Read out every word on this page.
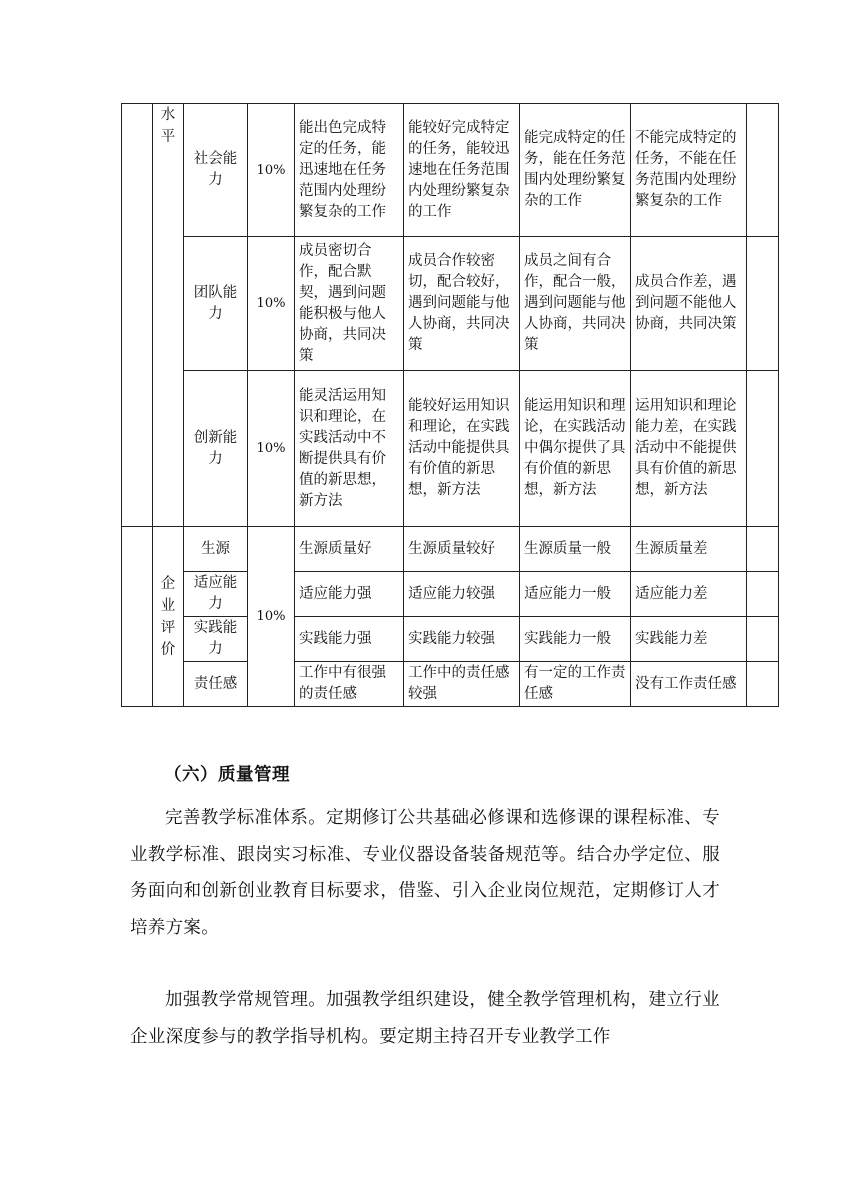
	水平	社会能力	10%	能出色完成特定的任务，能迅速地在任务范围内处理纷繁复杂的工作	能较好完成特定的任务，能较迅速地在任务范围内处理纷繁复杂的工作	能完成特定的任务，能在任务范围内处理纷繁复杂的工作	不能完成特定的任务，不能在任务范围内处理纷繁复杂的工作	
		团队能力	10%	成员密切合作，配合默契，遇到问题能积极与他人协商，共同决策	成员合作较密切，配合较好，遇到问题能与他人协商，共同决策	成员之间有合作，配合一般，遇到问题能与他人协商，共同决策	成员合作差，遇到问题不能他人协商，共同决策	
		创新能力	10%	能灵活运用知识和理论，在实践活动中不断提供具有价值的新思想，新方法	能较好运用知识和理论，在实践活动中能提供具有价值的新思想，新方法	能运用知识和理论，在实践活动中偶尔提供了具有价值的新思想，新方法	运用知识和理论能力差，在实践活动中不能提供具有价值的新思想，新方法	

	企业评价	生源	10%	生源质量好	生源质量较好	生源质量一般	生源质量差	
		适应能力		适应能力强	适应能力较强	适应能力一般	适应能力差	
		实践能力		实践能力强	实践能力较强	实践能力一般	实践能力差	
		责任感		工作中有很强的责任感	工作中的责任感较强	有一定的工作责任感	没有工作责任感	
（六）质量管理

完善教学标准体系。定期修订公共基础必修课和选修课的课程标准、专业教学标准、跟岗实习标准、专业仪器设备装备规范等。结合办学定位、服务面向和创新创业教育目标要求，借鉴、引入企业岗位规范，定期修订人才培养方案。

加强教学常规管理。加强教学组织建设，健全教学管理机构，建立行业企业深度参与的教学指导机构。要定期主持召开专业教学工作
